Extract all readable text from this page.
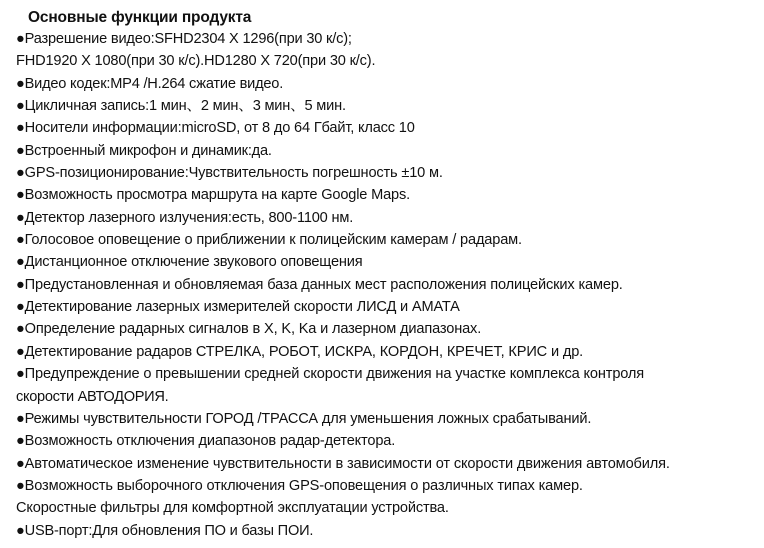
Основные функции продукта
●Разрешение видео:SFHD2304 X 1296(при 30 к/с);
FHD1920 X 1080(при 30 к/с).HD1280 X 720(при 30 к/с).
●Видео кодек:MP4 /H.264 сжатие видео.
●Цикличная запись:1 мин、2 мин、3 мин、5 мин.
●Носители информации:microSD, от 8 до 64 Гбайт, класс 10
●Встроенный микрофон и динамик:да.
●GPS-позиционирование:Чувствительность погрешность ±10 м.
●Возможность просмотра маршрута на карте Google Maps.
●Детектор лазерного излучения:есть, 800-1100 нм.
●Голосовое оповещение о приближении к полицейским камерам / радарам.
●Дистанционное отключение звукового оповещения
●Предустановленная и обновляемая база данных мест расположения полицейских камер.
●Детектирование лазерных измерителей скорости ЛИСД и АМАТА
●Определение радарных сигналов в X, K, Ka и лазерном диапазонах.
●Детектирование радаров СТРЕЛКА, РОБОТ, ИСКРА, КОРДОН, КРЕЧЕТ, КРИС и др.
●Предупреждение о превышении средней скорости движения на участке комплекса контроля
скорости АВТОДОРИЯ.
●Режимы чувствительности ГОРОД /ТРАССА для уменьшения ложных срабатываний.
●Возможность отключения диапазонов радар-детектора.
●Автоматическое изменение чувствительности в зависимости от скорости движения автомобиля.
●Возможность выборочного отключения GPS-оповещения о различных типах камер.
Скоростные фильтры для комфортной эксплуатации устройства.
●USB-порт:Для обновления ПО и базы ПОИ.
